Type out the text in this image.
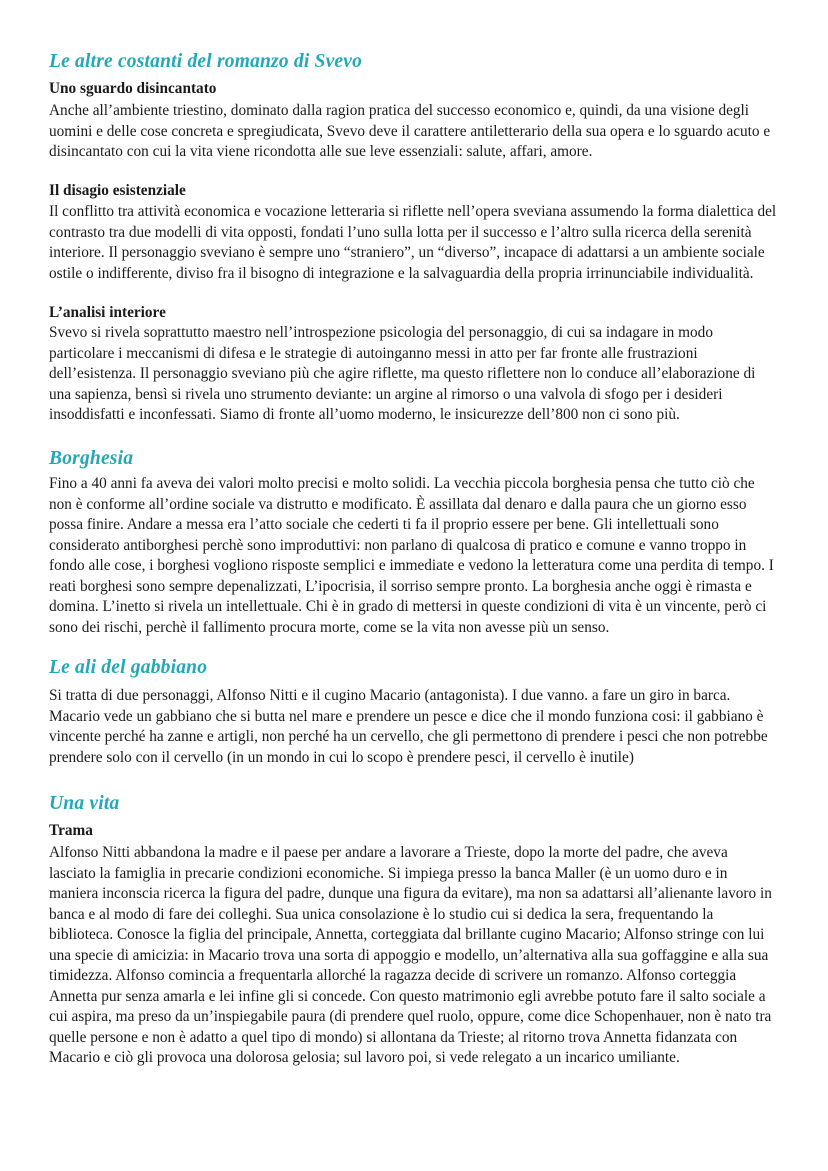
Le altre costanti del romanzo di Svevo
Uno sguardo disincantato

Anche all’ambiente triestino, dominato dalla ragion pratica del successo economico e, quindi, da una visione degli
uomini e delle cose concreta e spregiudicata, Svevo deve il carattere antiletterario della sua opera e lo sguardo acuto e
disincantato con cui la vita viene ricondotta alle sue leve essenziali: salute, affari, amore.

Il disagio esistenziale

Il conflitto tra attività economica e vocazione letteraria si riflette nell’opera sveviana assumendo la forma dialettica del
contrasto tra due modelli di vita opposti, fondati l’uno sulla lotta per il successo e l’altro sulla ricerca della serenità
interiore. Il personaggio sveviano è sempre uno “straniero”, un “diverso”, incapace di adattarsi a un ambiente sociale
ostile o indifferente, diviso fra il bisogno di integrazione e la salvaguardia della propria irrinunciabile individualità.

L’analisi interiore

Svevo si rivela soprattutto maestro nell’introspezione psicologia del personaggio, di cui sa indagare in modo
particolare i meccanismi di difesa e le strategie di autoinganno messi in atto per far fronte alle frustrazioni
dell’esistenza. Il personaggio sveviano più che agire riflette, ma questo riflettere non lo conduce all’elaborazione di
una sapienza, bensì si rivela uno strumento deviante: un argine al rimorso o una valvola di sfogo per i desideri
insoddisfatti e inconfessati. Siamo di fronte all’uomo moderno, le insicurezze dell’800 non ci sono più.

Borghesia

Fino a 40 anni fa aveva dei valori molto precisi e molto solidi. La vecchia piccola borghesia pensa che tutto ciò che
non è conforme all’ordine sociale va distrutto e modificato. È assillata dal denaro e dalla paura che un giorno esso
possa finire. Andare a messa era l’atto sociale che cederti ti fa il proprio essere per bene. Gli intellettuali sono
considerato antiborghesi perchè sono improduttivi: non parlano di qualcosa di pratico e comune e vanno troppo in
fondo alle cose, i borghesi vogliono risposte semplici e immediate e vedono la letteratura come una perdita di tempo. I
reati borghesi sono sempre depenalizzati, L’ipocrisia, il sorriso sempre pronto. La borghesia anche oggi è rimasta e
domina. L’inetto si rivela un intellettuale. Chi è in grado di mettersi in queste condizioni di vita è un vincente, però ci
sono dei rischi, perchè il fallimento procura morte, come se la vita non avesse più un senso.

Le ali del gabbiano

Si tratta di due personaggi, Alfonso Nitti e il cugino Macario (antagonista). I due vanno. a fare un giro in barca.
Macario vede un gabbiano che si butta nel mare e prendere un pesce e dice che il mondo funziona cosi: il gabbiano è
vincente perché ha zanne e artigli, non perché ha un cervello, che gli permettono di prendere i pesci che non potrebbe
prendere solo con il cervello (in un mondo in cui lo scopo è prendere pesci, il cervello è inutile)

Una vita
Trama

Alfonso Nitti abbandona la madre e il paese per andare a lavorare a Trieste, dopo la morte del padre, che aveva
lasciato la famiglia in precarie condizioni economiche. Si impiega presso la banca Maller (è un uomo duro e in
maniera inconscia ricerca la figura del padre, dunque una figura da evitare), ma non sa adattarsi all’alienante lavoro in
banca e al modo di fare dei colleghi. Sua unica consolazione è lo studio cui si dedica la sera, frequentando la
biblioteca. Conosce la figlia del principale, Annetta, corteggiata dal brillante cugino Macario; Alfonso stringe con lui
una specie di amicizia: in Macario trova una sorta di appoggio e modello, un’alternativa alla sua goffaggine e alla sua
timidezza. Alfonso comincia a frequentarla allorché la ragazza decide di scrivere un romanzo. Alfonso corteggia
Annetta pur senza amarla e lei infine gli si concede. Con questo matrimonio egli avrebbe potuto fare il salto sociale a
cui aspira, ma preso da un’inspiegabile paura (di prendere quel ruolo, oppure, come dice Schopenhauer, non è nato tra
quelle persone e non è adatto a quel tipo di mondo) si allontana da Trieste; al ritorno trova Annetta fidanzata con
Macario e ciò gli provoca una dolorosa gelosia; sul lavoro poi, si vede relegato a un incarico umiliante.
